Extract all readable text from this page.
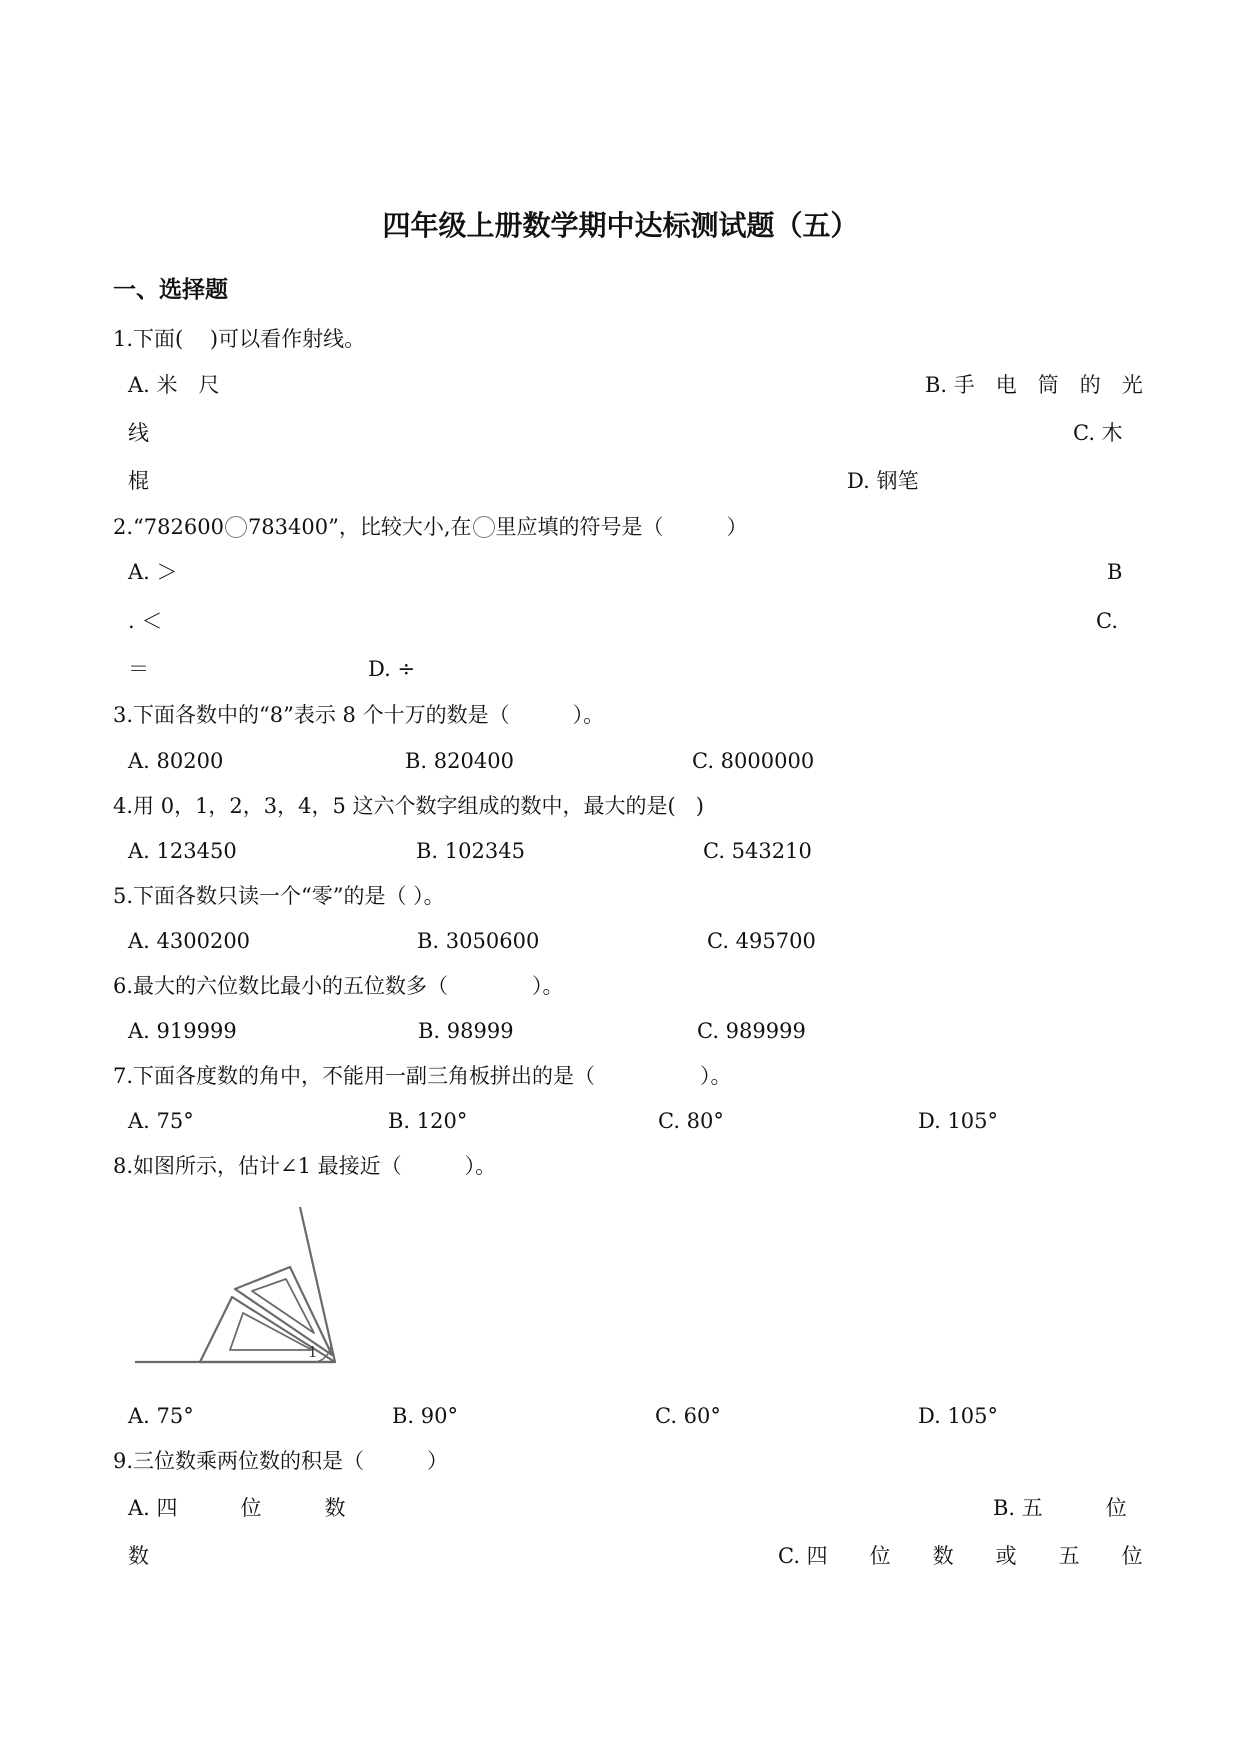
四年级上册数学期中达标测试题（五）
一、选择题
1.下面(    )可以看作射线。
A. 米　尺	B. 手　电　筒　的　光
线	C. 木
棍	D. 钢笔
2.“782600 783400”，比较大小,在 里应填的符号是（　　　）
A. ＞	B
. ＜	C.
＝	D. ÷
3.下面各数中的“8”表示 8 个十万的数是（　　　）。
A. 80200	B. 820400	C. 8000000
4.用 0，1，2，3，4，5 这六个数字组成的数中，最大的是(   )
A. 123450	B. 102345	C. 543210
5.下面各数只读一个“零”的是（ ）。
A. 4300200	B. 3050600	C. 495700
6.最大的六位数比最小的五位数多（　　　　）。
A. 919999	B. 98999	C. 989999
7.下面各度数的角中，不能用一副三角板拼出的是（　　　　　）。
A. 75°	B. 120°	C. 80°	D. 105°
8.如图所示，估计∠1 最接近（　　　）。
1
A. 75°	B. 90°	C. 60°	D. 105°
9.三位数乘两位数的积是（　　　）
A. 四　　　位　　　数	B. 五　　　位
数	C. 四　　位　　数　　或　　五　　位
